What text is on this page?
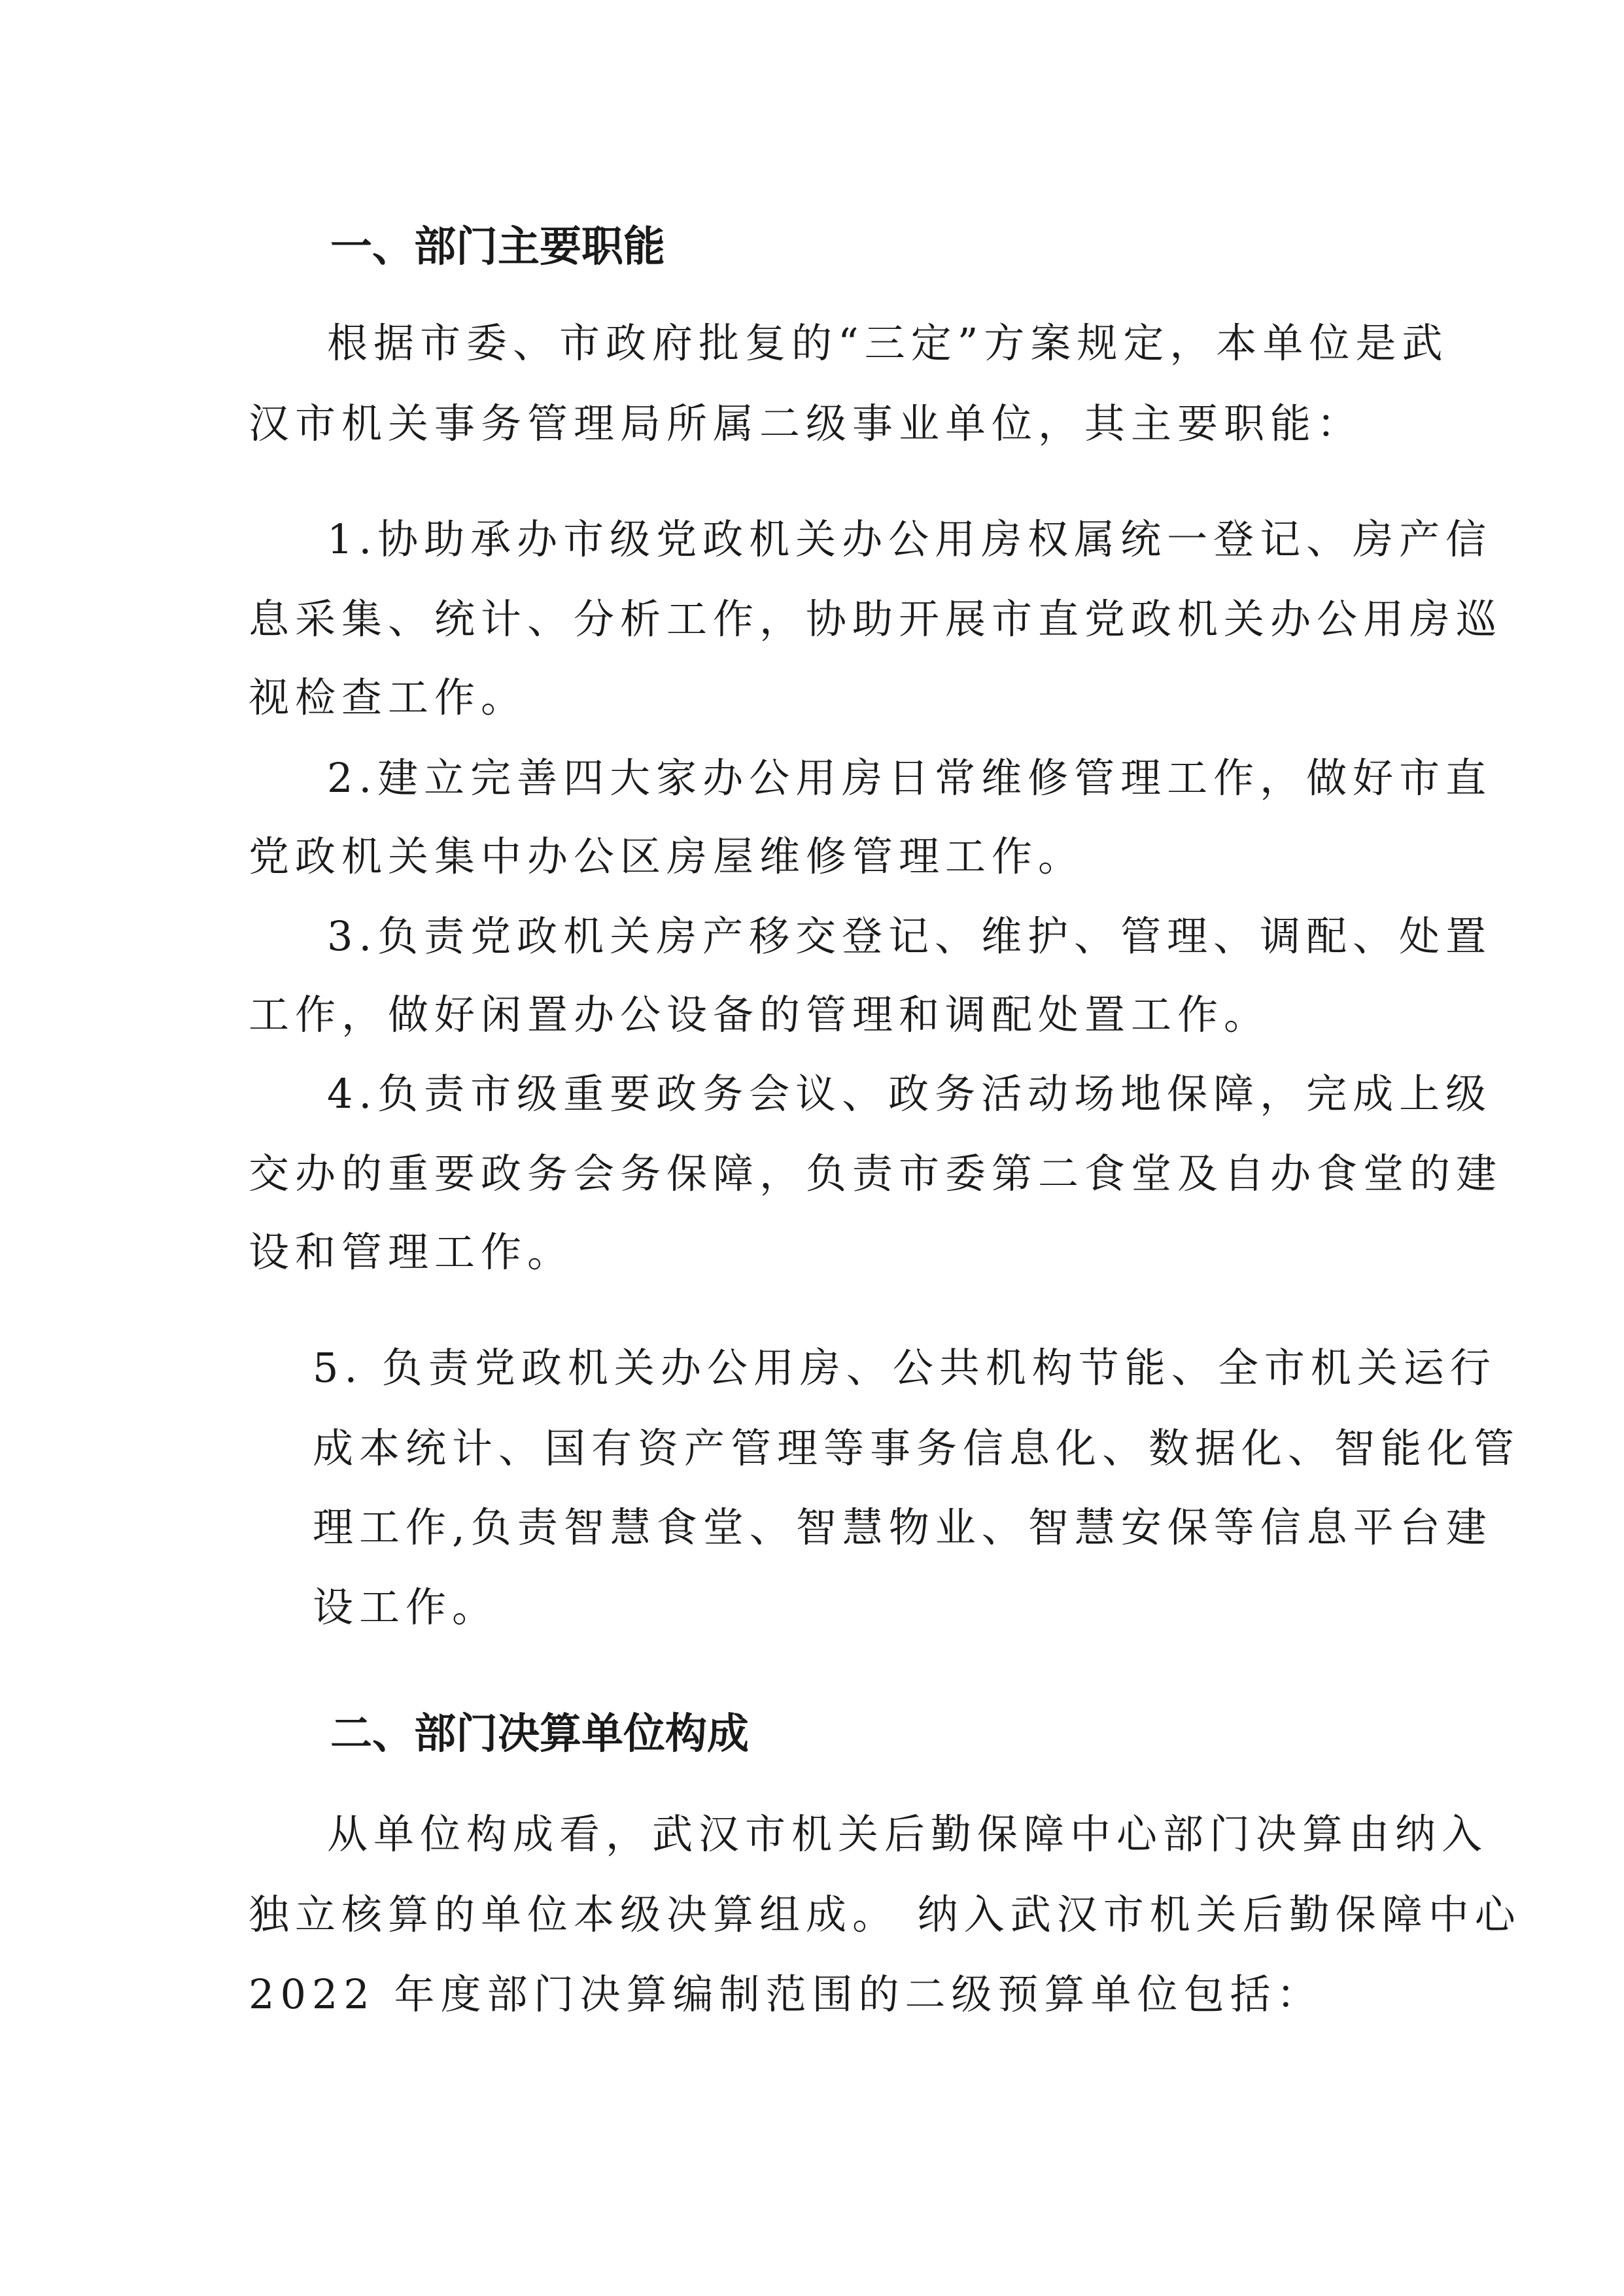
一、部门主要职能
根据市委、市政府批复的“三定”方案规定，本单位是武
汉市机关事务管理局所属二级事业单位，其主要职能：
1.协助承办市级党政机关办公用房权属统一登记、房产信
息采集、统计、分析工作，协助开展市直党政机关办公用房巡
视检查工作。
2.建立完善四大家办公用房日常维修管理工作，做好市直
党政机关集中办公区房屋维修管理工作。
3.负责党政机关房产移交登记、维护、管理、调配、处置
工作，做好闲置办公设备的管理和调配处置工作。
4.负责市级重要政务会议、政务活动场地保障，完成上级
交办的重要政务会务保障，负责市委第二食堂及自办食堂的建
设和管理工作。
5. 负责党政机关办公用房、公共机构节能、全市机关运行
成本统计、国有资产管理等事务信息化、数据化、智能化管
理工作,负责智慧食堂、智慧物业、智慧安保等信息平台建
设工作。
二、部门决算单位构成
从单位构成看，武汉市机关后勤保障中心部门决算由纳入
独立核算的单位本级决算组成。 纳入武汉市机关后勤保障中心
2022 年度部门决算编制范围的二级预算单位包括：
